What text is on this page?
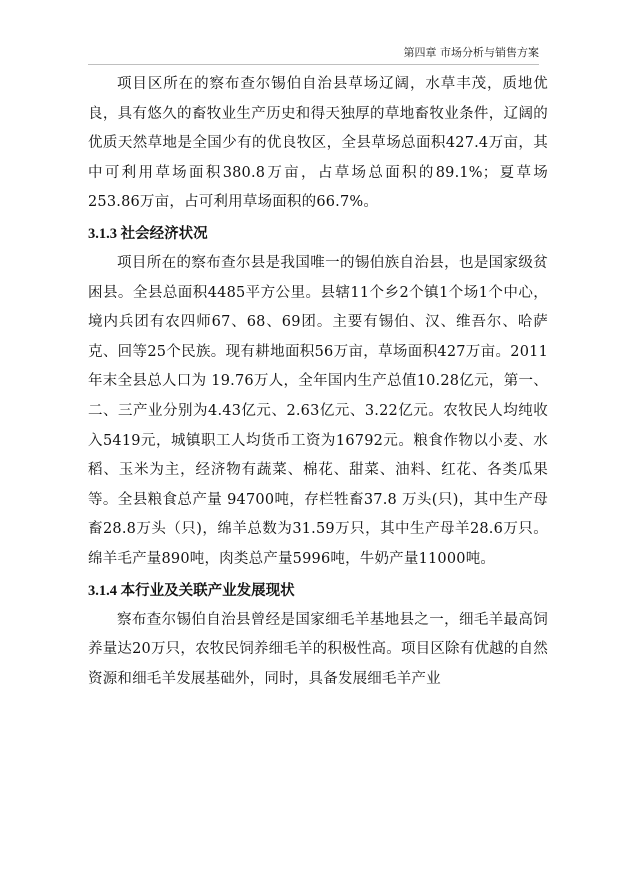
第四章 市场分析与销售方案

项目区所在的察布查尔锡伯自治县草场辽阔，水草丰茂，质地优良，具有悠久的畜牧业生产历史和得天独厚的草地畜牧业条件，辽阔的优质天然草地是全国少有的优良牧区，全县草场总面积427.4万亩，其中可利用草场面积380.8万亩，占草场总面积的89.1%；夏草场253.86万亩，占可利用草场面积的66.7%。

3.1.3 社会经济状况

项目所在的察布查尔县是我国唯一的锡伯族自治县，也是国家级贫困县。全县总面积4485平方公里。县辖11个乡2个镇1个场1个中心，境内兵团有农四师67、68、69团。主要有锡伯、汉、维吾尔、哈萨克、回等25个民族。现有耕地面积56万亩，草场面积427万亩。2011年末全县总人口为 19.76万人，全年国内生产总值10.28亿元，第一、二、三产业分别为4.43亿元、2.63亿元、3.22亿元。农牧民人均纯收入5419元，城镇职工人均货币工资为16792元。粮食作物以小麦、水稻、玉米为主，经济物有蔬菜、棉花、甜菜、油料、红花、各类瓜果等。全县粮食总产量 94700吨，存栏牲畜37.8 万头(只)，其中生产母畜28.8万头（只)，绵羊总数为31.59万只，其中生产母羊28.6万只。绵羊毛产量890吨，肉类总产量5996吨，牛奶产量11000吨。

3.1.4 本行业及关联产业发展现状

察布查尔锡伯自治县曾经是国家细毛羊基地县之一，细毛羊最高饲养量达20万只，农牧民饲养细毛羊的积极性高。项目区除有优越的自然资源和细毛羊发展基础外，同时，具备发展细毛羊产业
